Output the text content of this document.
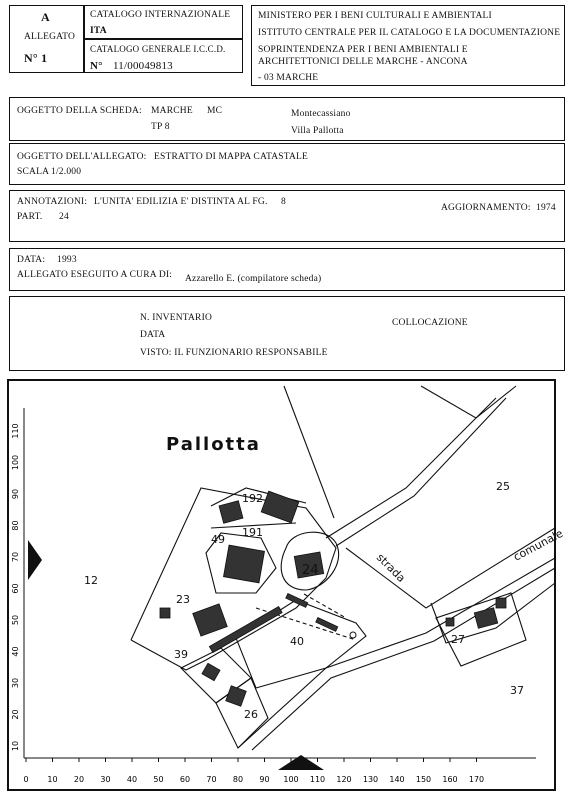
A
ALLEGATO
N° 1
CATALOGO INTERNAZIONALE
ITA
CATALOGO GENERALE I.C.C.D.
N° 11/00049813
MINISTERO PER I BENI CULTURALI E AMBIENTALI
ISTITUTO CENTRALE PER IL CATALOGO E LA DOCUMENTAZIONE
SOPRINTENDENZA PER I BENI AMBIENTALI E
ARCHITETTONICI DELLE MARCHE - ANCONA
- 03 MARCHE
OGGETTO DELLA SCHEDA: MARCHE MC
TP 8
Montecassiano
Villa Pallotta
OGGETTO DELL'ALLEGATO: ESTRATTO DI MAPPA CATASTALE
SCALA 1/2.000
ANNOTAZIONI: L'UNITA' EDILIZIA E' DISTINTA AL FG. 8
PART. 24
AGGIORNAMENTO: 1974
DATA: 1993
ALLEGATO ESEGUITO A CURA DI: Azzarello E. (compilatore scheda)
N. INVENTARIO
DATA
VISTO: IL FUNZIONARIO RESPONSABILE
COLLOCAZIONE
10
20
30
40
50
60
70
80
90
100
110
0 10 20 30 40 50 60 70 80 90 100 110 120 130 140 150 160 170
Pallotta
strada
comunale
192
191
49
24
23
40
39
26
27
25
12
37
